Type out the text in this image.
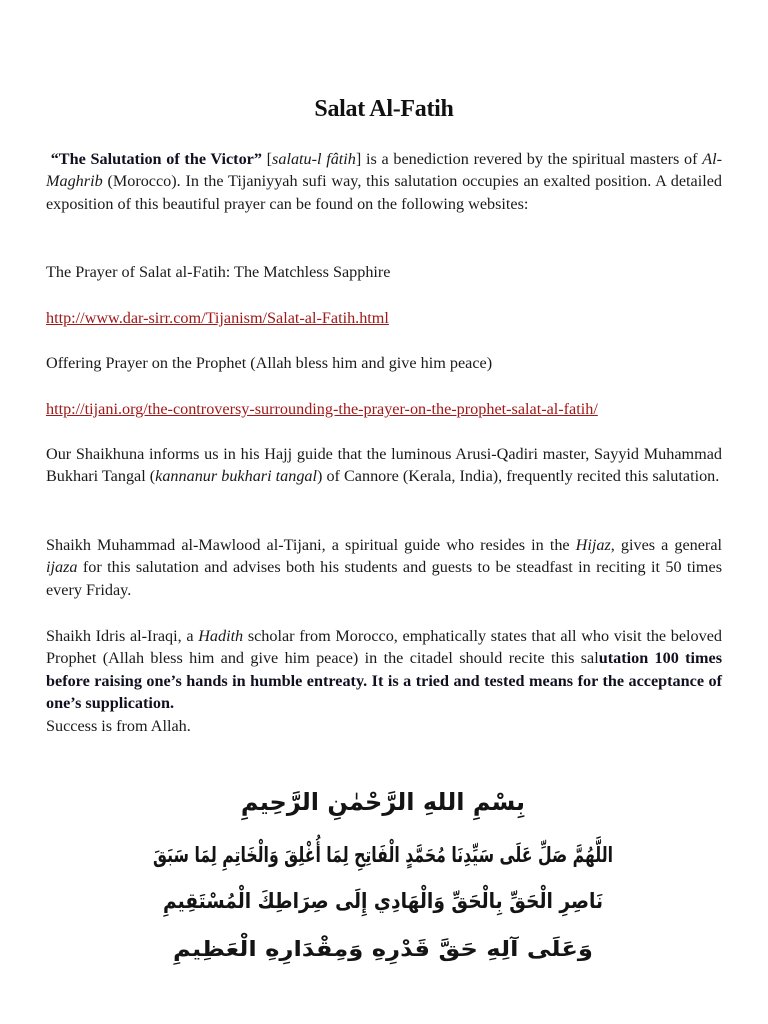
Salat Al-Fatih

“The Salutation of the Victor” [salatu-l fâtih] is a benediction revered by the spiritual masters of Al-Maghrib (Morocco). In the Tijaniyyah sufi way, this salutation occupies an exalted position. A detailed exposition of this beautiful prayer can be found on the following websites:

The Prayer of Salat al-Fatih: The Matchless Sapphire

http://www.dar-sirr.com/Tijanism/Salat-al-Fatih.html

Offering Prayer on the Prophet (Allah bless him and give him peace)

http://tijani.org/the-controversy-surrounding-the-prayer-on-the-prophet-salat-al-fatih/

Our Shaikhuna informs us in his Hajj guide that the luminous Arusi-Qadiri master, Sayyid Muhammad Bukhari Tangal (kannanur bukhari tangal) of Cannore (Kerala, India), frequently recited this salutation.

Shaikh Muhammad al-Mawlood al-Tijani, a spiritual guide who resides in the Hijaz, gives a general ijaza for this salutation and advises both his students and guests to be steadfast in reciting it 50 times every Friday.

Shaikh Idris al-Iraqi, a Hadith scholar from Morocco, emphatically states that all who visit the beloved Prophet (Allah bless him and give him peace) in the citadel should recite this salutation 100 times before raising one’s hands in humble entreaty. It is a tried and tested means for the acceptance of one’s supplication.

Success is from Allah.

بِسْمِ اللهِ الرَّحْمٰنِ الرَّحِيمِ
اللَّهُمَّ صَلِّ عَلَى سَيِّدِنَا مُحَمَّدٍ الْفَاتِحِ لِمَا أُغْلِقَ وَالْخَاتِمِ لِمَا سَبَقَ
نَاصِرِ الْحَقِّ بِالْحَقِّ وَالْهَادِي إِلَى صِرَاطِكَ الْمُسْتَقِيمِ
وَعَلَى آلِهِ حَقَّ قَدْرِهِ وَمِقْدَارِهِ الْعَظِيمِ
